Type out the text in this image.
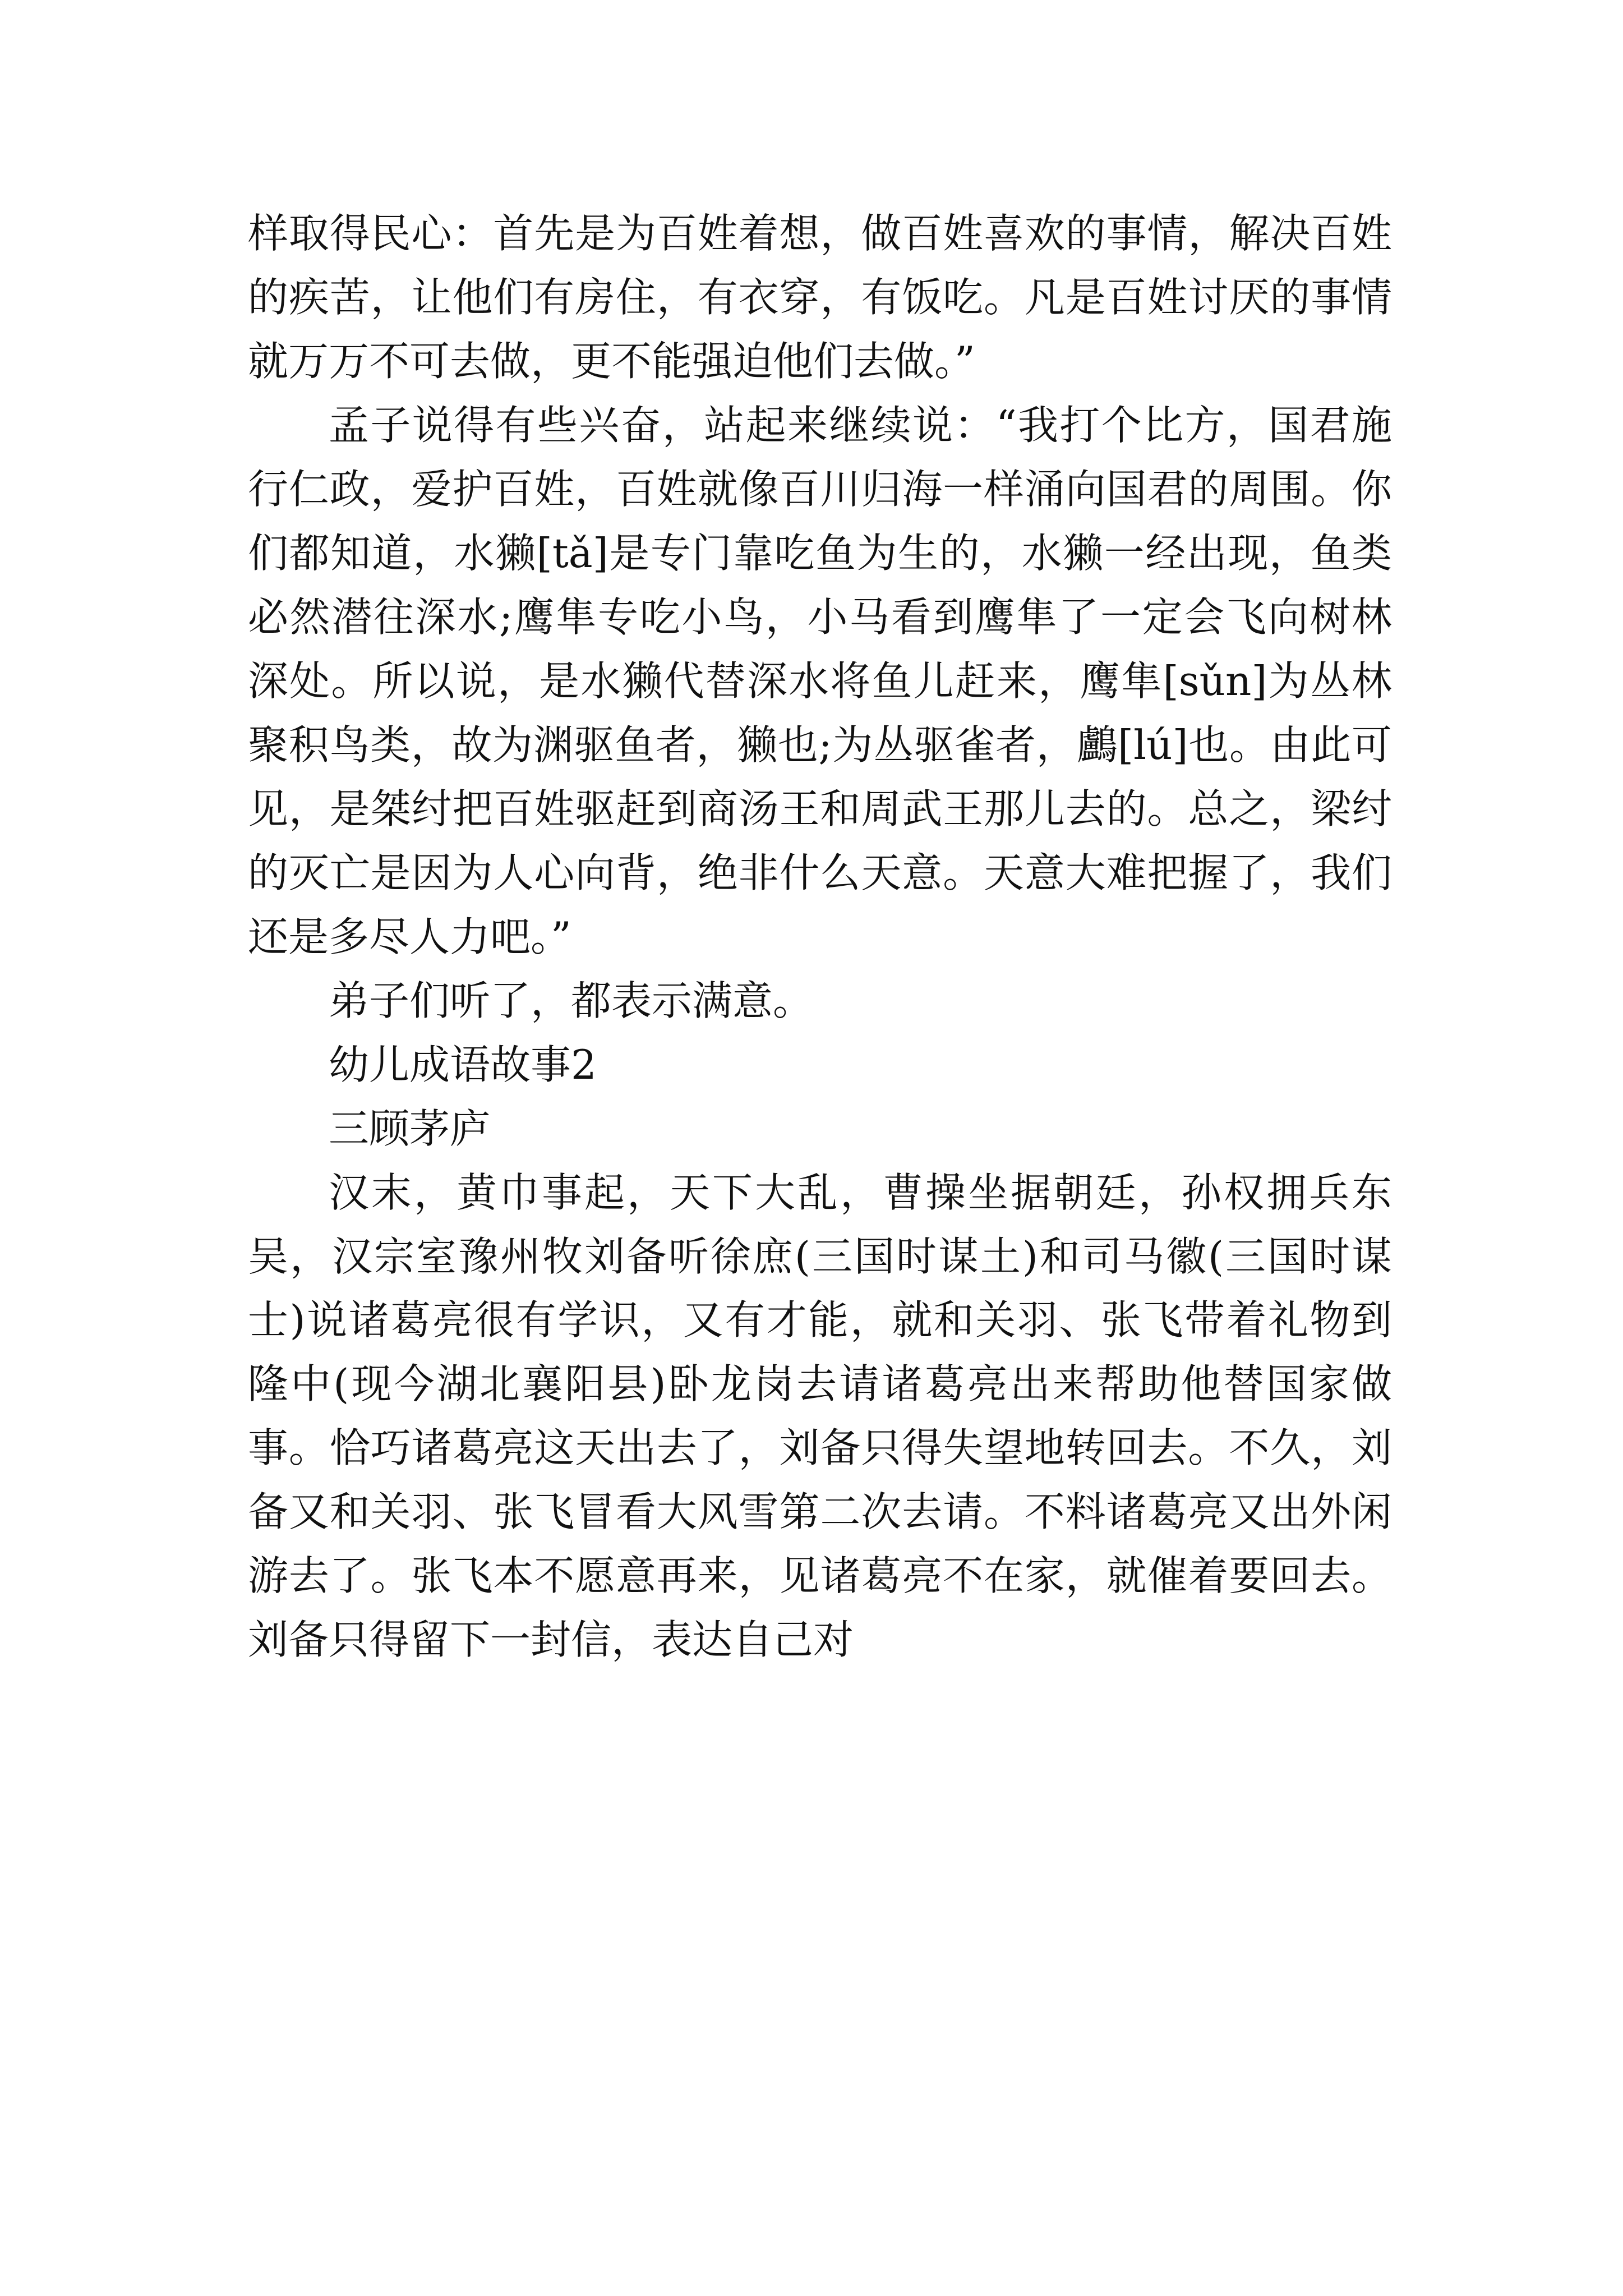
样取得民心：首先是为百姓着想，做百姓喜欢的事情，解决百姓的疾苦，让他们有房住，有衣穿，有饭吃。凡是百姓讨厌的事情就万万不可去做，更不能强迫他们去做。”

孟子说得有些兴奋，站起来继续说：“我打个比方，国君施行仁政，爱护百姓，百姓就像百川归海一样涌向国君的周围。你们都知道，水獭[tǎ]是专门靠吃鱼为生的，水獭一经出现，鱼类必然潜往深水;鹰隼专吃小鸟，小马看到鹰隼了一定会飞向树林深处。所以说，是水獭代替深水将鱼儿赶来，鹰隼[sǔn]为丛林聚积鸟类，故为渊驱鱼者，獭也;为丛驱雀者，鸕[lú]也。由此可见，是桀纣把百姓驱赶到商汤王和周武王那儿去的。总之，梁纣的灭亡是因为人心向背，绝非什么天意。天意大难把握了，我们还是多尽人力吧。”

弟子们听了，都表示满意。

幼儿成语故事2

三顾茅庐

汉末，黄巾事起，天下大乱，曹操坐据朝廷，孙权拥兵东吴，汉宗室豫州牧刘备听徐庶(三国时谋土)和司马徽(三国时谋士)说诸葛亮很有学识，又有才能，就和关羽、张飞带着礼物到隆中(现今湖北襄阳县)卧龙岗去请诸葛亮出来帮助他替国家做事。恰巧诸葛亮这天出去了，刘备只得失望地转回去。不久，刘备又和关羽、张飞冒看大风雪第二次去请。不料诸葛亮又出外闲游去了。张飞本不愿意再来，见诸葛亮不在家，就催着要回去。刘备只得留下一封信，表达自己对
